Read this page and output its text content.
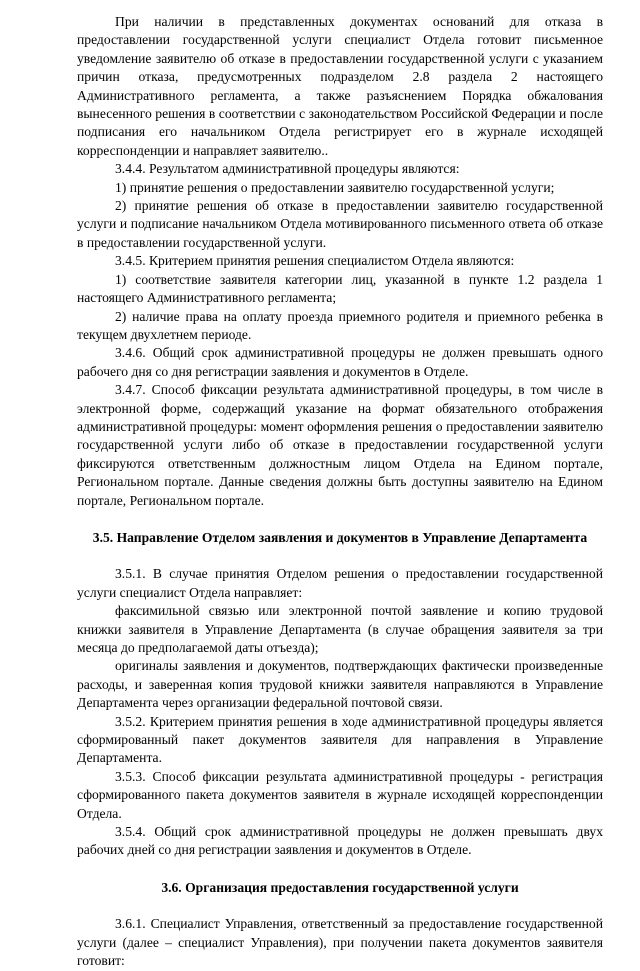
При наличии в представленных документах оснований для отказа в предоставлении государственной услуги специалист Отдела готовит письменное уведомление заявителю об отказе в предоставлении государственной услуги с указанием причин отказа, предусмотренных подразделом 2.8 раздела 2 настоящего Административного регламента, а также разъяснением Порядка обжалования вынесенного решения в соответствии с законодательством Российской Федерации и после подписания его начальником Отдела регистрирует его в журнале исходящей корреспонденции и направляет заявителю..

3.4.4. Результатом административной процедуры являются:

1) принятие решения о предоставлении заявителю государственной услуги;

2) принятие решения об отказе в предоставлении заявителю государственной услуги и подписание начальником Отдела мотивированного письменного ответа об отказе в предоставлении государственной услуги.

3.4.5. Критерием принятия решения специалистом Отдела являются:

1) соответствие заявителя категории лиц, указанной в пункте 1.2 раздела 1 настоящего Административного регламента;

2) наличие права на оплату проезда приемного родителя и приемного ребенка в текущем двухлетнем периоде.

3.4.6. Общий срок административной процедуры не должен превышать одного рабочего дня со дня регистрации заявления и документов в Отделе.

3.4.7. Способ фиксации результата административной процедуры, в том числе в электронной форме, содержащий указание на формат обязательного отображения административной процедуры: момент оформления решения о предоставлении заявителю государственной услуги либо об отказе в предоставлении государственной услуги фиксируются ответственным должностным лицом Отдела на Едином портале, Региональном портале. Данные сведения должны быть доступны заявителю на Едином портале, Региональном портале.

3.5. Направление Отделом заявления и документов в Управление Департамента

3.5.1. В случае принятия Отделом решения о предоставлении государственной услуги специалист Отдела направляет:

факсимильной связью или электронной почтой заявление и копию трудовой книжки заявителя в Управление Департамента (в случае обращения заявителя за три месяца до предполагаемой даты отъезда);

оригиналы заявления и документов, подтверждающих фактически произведенные расходы, и заверенная копия трудовой книжки заявителя направляются в Управление Департамента через организации федеральной почтовой связи.

3.5.2. Критерием принятия решения в ходе административной процедуры является сформированный пакет документов заявителя для направления в Управление Департамента.

3.5.3. Способ фиксации результата административной процедуры - регистрация сформированного пакета документов заявителя в журнале исходящей корреспонденции Отдела.

3.5.4. Общий срок административной процедуры не должен превышать двух рабочих дней со дня регистрации заявления и документов в Отделе.

3.6. Организация предоставления государственной услуги

3.6.1. Специалист Управления, ответственный за предоставление государственной услуги (далее – специалист Управления), при получении пакета документов заявителя готовит:
